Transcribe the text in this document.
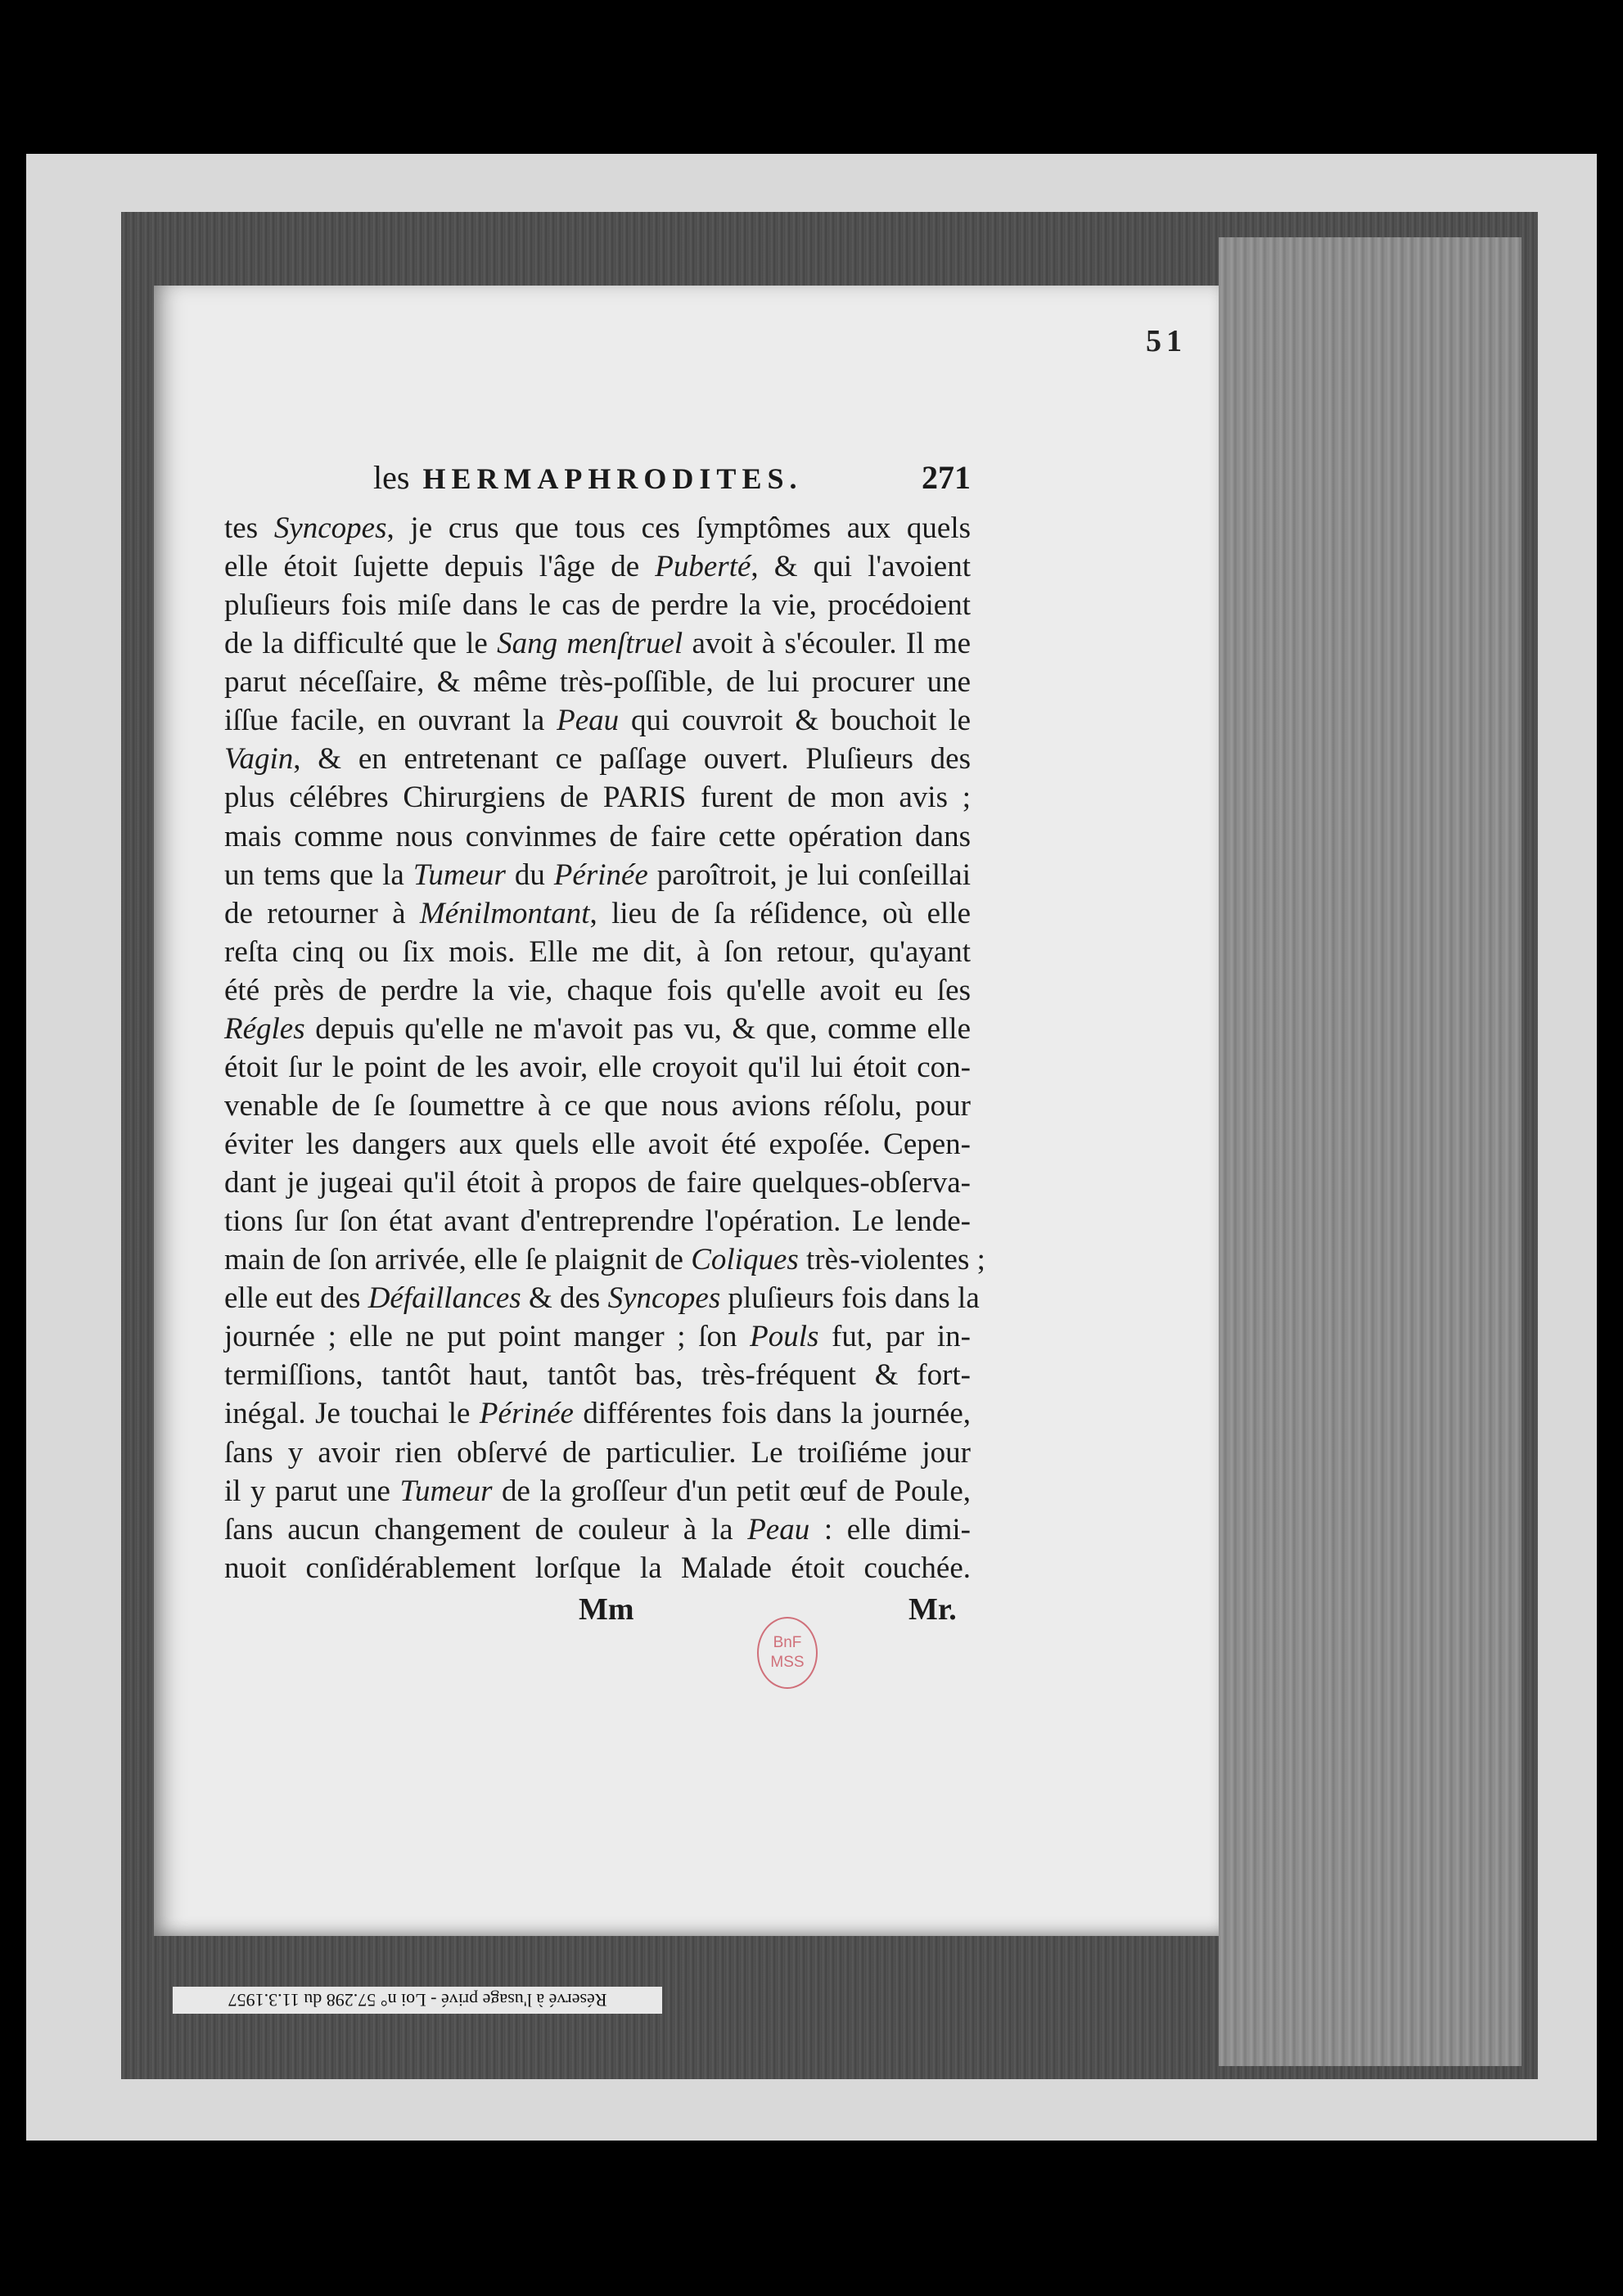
51
les HERMAPHRODITES.	271
tes Syncopes, je crus que tous ces ſymptômes aux quels
elle étoit ſujette depuis l'âge de Puberté, & qui l'avoient
pluſieurs fois miſe dans le cas de perdre la vie, procédoient
de la difficulté que le Sang menſtruel avoit à s'écouler. Il me
parut néceſſaire, & même très-poſſible, de lui procurer une
iſſue facile, en ouvrant la Peau qui couvroit & bouchoit le
Vagin, & en entretenant ce paſſage ouvert. Pluſieurs des
plus célébres Chirurgiens de PARIS furent de mon avis ;
mais comme nous convinmes de faire cette opération dans
un tems que la Tumeur du Périnée paroîtroit, je lui conſeillai
de retourner à Ménilmontant, lieu de ſa réſidence, où elle
reſta cinq ou ſix mois. Elle me dit, à ſon retour, qu'ayant
été près de perdre la vie, chaque fois qu'elle avoit eu ſes
Régles depuis qu'elle ne m'avoit pas vu, & que, comme elle
étoit ſur le point de les avoir, elle croyoit qu'il lui étoit con-
venable de ſe ſoumettre à ce que nous avions réſolu, pour
éviter les dangers aux quels elle avoit été expoſée. Cepen-
dant je jugeai qu'il étoit à propos de faire quelques-obſerva-
tions ſur ſon état avant d'entreprendre l'opération. Le lende-
main de ſon arrivée, elle ſe plaignit de Coliques très-violentes ;
elle eut des Défaillances & des Syncopes pluſieurs fois dans la
journée ; elle ne put point manger ; ſon Pouls fut, par in-
termiſſions, tantôt haut, tantôt bas, très-fréquent & fort-
inégal. Je touchai le Périnée différentes fois dans la journée,
ſans y avoir rien obſervé de particulier. Le troiſiéme jour
il y parut une Tumeur de la groſſeur d'un petit œuf de Poule,
ſans aucun changement de couleur à la Peau : elle dimi-
nuoit conſidérablement lorſque la Malade étoit couchée.
Mm	Mr.
BnF
MSS
Réservé à l'usage privé - Loi n° 57.298 du 11.3.1957
